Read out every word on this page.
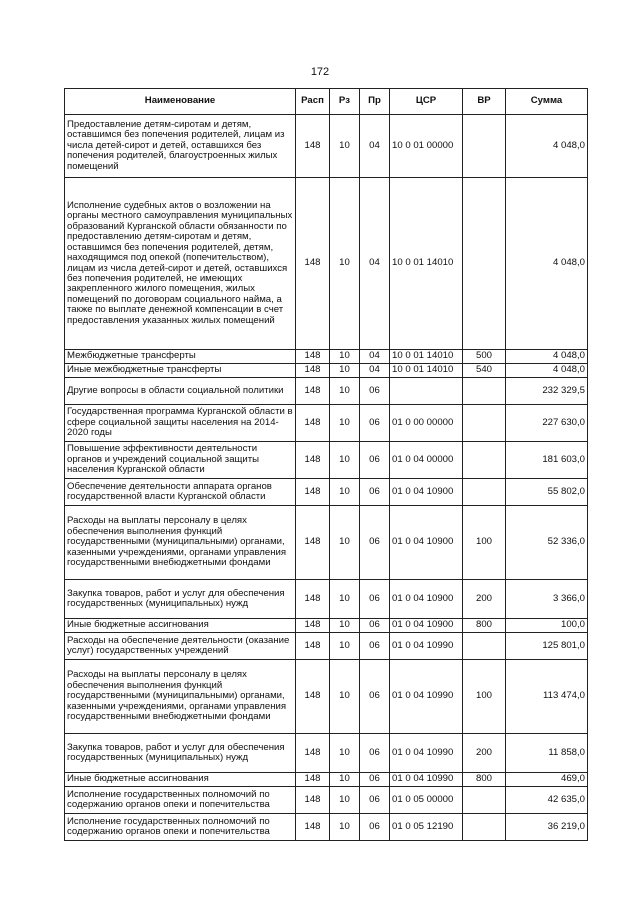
172
Наименование	Расп	Рз	Пр	ЦСР	ВР	Сумма
Предоставление детям-сиротам и детям, оставшимся без попечения родителей, лицам из числа детей-сирот и детей, оставшихся без попечения родителей, благоустроенных жилых помещений	148	10	04	10 0 01 00000		4 048,0
Исполнение судебных актов о возложении на органы местного самоуправления муниципальных образований Курганской области обязанности по предоставлению детям-сиротам и детям, оставшимся без попечения родителей, детям, находящимся под опекой (попечительством), лицам из числа детей-сирот и детей, оставшихся без попечения родителей, не имеющих закрепленного жилого помещения, жилых помещений по договорам социального найма, а также по выплате денежной компенсации в счет предоставления указанных жилых помещений	148	10	04	10 0 01 14010		4 048,0
Межбюджетные трансферты	148	10	04	10 0 01 14010	500	4 048,0
Иные межбюджетные трансферты	148	10	04	10 0 01 14010	540	4 048,0
Другие вопросы в области социальной политики	148	10	06			232 329,5
Государственная программа Курганской области в сфере социальной защиты населения на 2014-2020 годы	148	10	06	01 0 00 00000		227 630,0
Повышение эффективности деятельности органов и учреждений социальной защиты населения Курганской области	148	10	06	01 0 04 00000		181 603,0
Обеспечение деятельности аппарата органов государственной власти Курганской области	148	10	06	01 0 04 10900		55 802,0
Расходы на выплаты персоналу в целях обеспечения выполнения функций государственными (муниципальными) органами, казенными учреждениями, органами управления государственными внебюджетными фондами	148	10	06	01 0 04 10900	100	52 336,0
Закупка товаров, работ и услуг для обеспечения государственных (муниципальных) нужд	148	10	06	01 0 04 10900	200	3 366,0
Иные бюджетные ассигнования	148	10	06	01 0 04 10900	800	100,0
Расходы на обеспечение деятельности (оказание услуг) государственных учреждений	148	10	06	01 0 04 10990		125 801,0
Расходы на выплаты персоналу в целях обеспечения выполнения функций государственными (муниципальными) органами, казенными учреждениями, органами управления государственными внебюджетными фондами	148	10	06	01 0 04 10990	100	113 474,0
Закупка товаров, работ и услуг для обеспечения государственных (муниципальных) нужд	148	10	06	01 0 04 10990	200	11 858,0
Иные бюджетные ассигнования	148	10	06	01 0 04 10990	800	469,0
Исполнение государственных полномочий по содержанию органов опеки и попечительства	148	10	06	01 0 05 00000		42 635,0
Исполнение государственных полномочий по содержанию органов опеки и попечительства	148	10	06	01 0 05 12190		36 219,0
